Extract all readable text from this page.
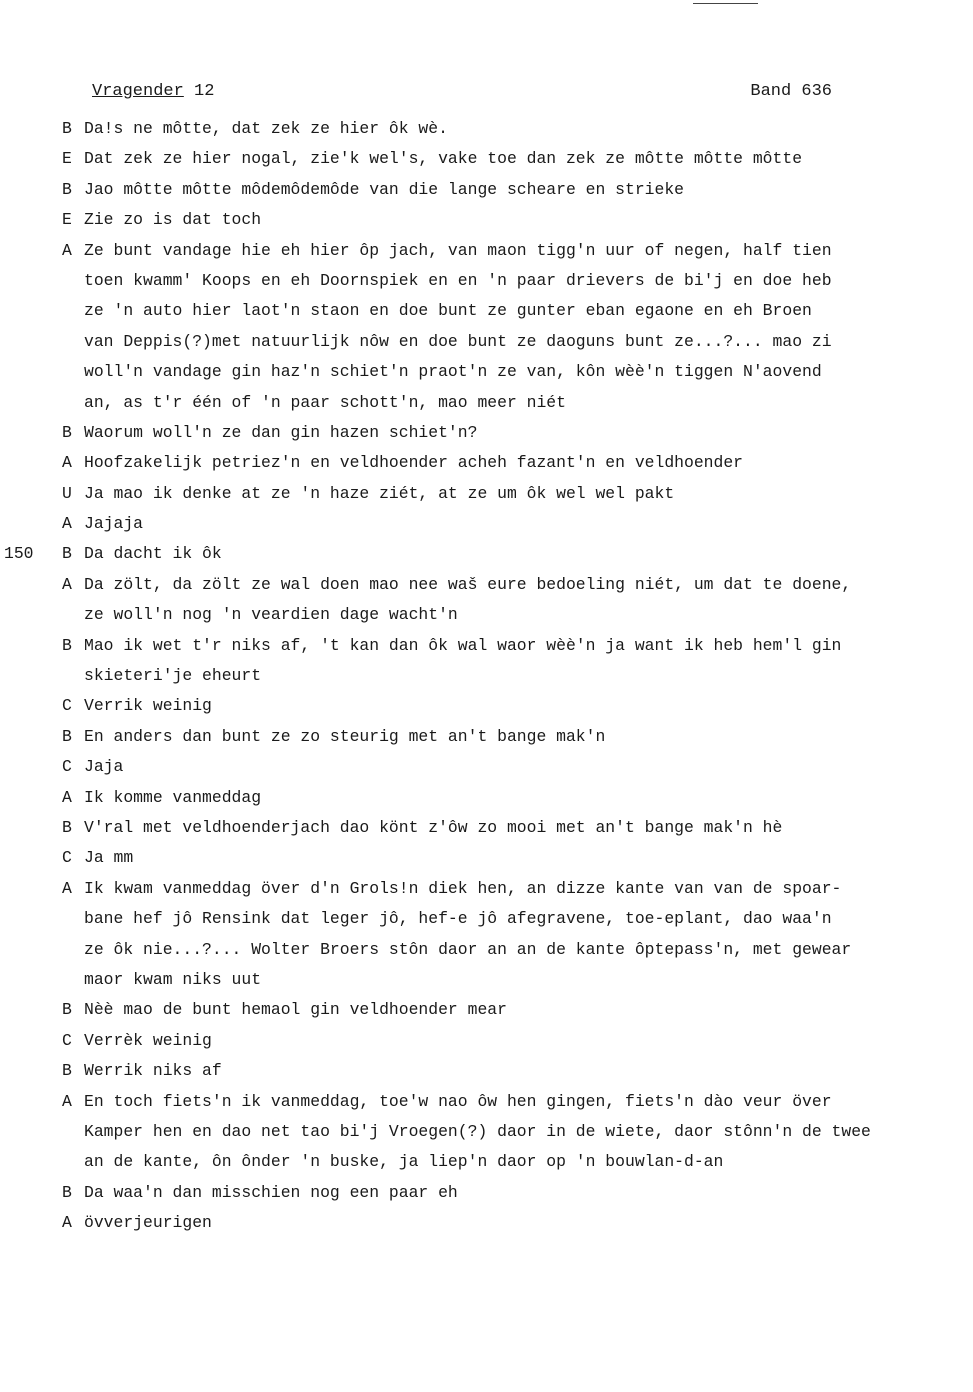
Vragender 12	Band 636
B Da!s ne môtte, dat zek ze hier ôk wè.
E Dat zek ze hier nogal, zie'k wel's, vake toe dan zek ze môtte môtte môtte
B Jao môtte môtte môdemôdemôde van die lange scheare en strieke
E Zie zo is dat toch
A Ze bunt vandage hie eh hier ôp jach, van maon tigg'n uur of negen, half tien
toen kwamm' Koops en eh Doornspiek en en 'n paar drievers de bi'j en doe heb
ze 'n auto hier laot'n staon en doe bunt ze gunter eban egaone en eh Broen
van Deppis(?)met natuurlijk nôw en doe bunt ze daoguns bunt ze...?... mao zi
woll'n vandage gin haz'n schiet'n praot'n ze van, kôn wèè'n tiggen N'aovend
an, as t'r één of 'n paar schott'n, mao meer niét
B Waorum woll'n ze dan gin hazen schiet'n?
A Hoofzakelijk petriez'n en veldhoender acheh fazant'n en veldhoender
U Ja mao ik denke at ze 'n haze ziét, at ze um ôk wel wel pakt
A Jajaja
150 B Da dacht ik ôk
A Da zölt, da zölt ze wal doen mao nee waš eure bedoeling niét, um dat te doene,
ze woll'n nog 'n veardien dage wacht'n
B Mao ik wet t'r niks af, 't kan dan ôk wal waor wèè'n ja want ik heb hem'l gin
skieteri'je eheurt
C Verrik weinig
B En anders dan bunt ze zo steurig met an't bange mak'n
C Jaja
A Ik komme vanmeddag
B V'ral met veldhoenderjach dao könt z'ôw zo mooi met an't bange mak'n hè
C Ja mm
A Ik kwam vanmeddag över d'n Grols!n diek hen, an dizze kante van van de spoar-
bane hef jô Rensink dat leger jô, hef-e jô afegravene, toe-eplant, dao waa'n
ze ôk nie...?... Wolter Broers stôn daor an an de kante ôptepass'n, met gewear
maor kwam niks uut
B Nèè mao de bunt hemaol gin veldhoender mear
C Verrèk weinig
B Werrik niks af
A En toch fiets'n ik vanmeddag, toe'w nao ôw hen gingen, fiets'n dào veur över
Kamper hen en dao net tao bi'j Vroegen(?) daor in de wiete, daor stônn'n de twee
an de kante, ôn ônder 'n buske, ja liep'n daor op 'n bouwlan-d-an
B Da waa'n dan misschien nog een paar eh
A övverjeurigen
